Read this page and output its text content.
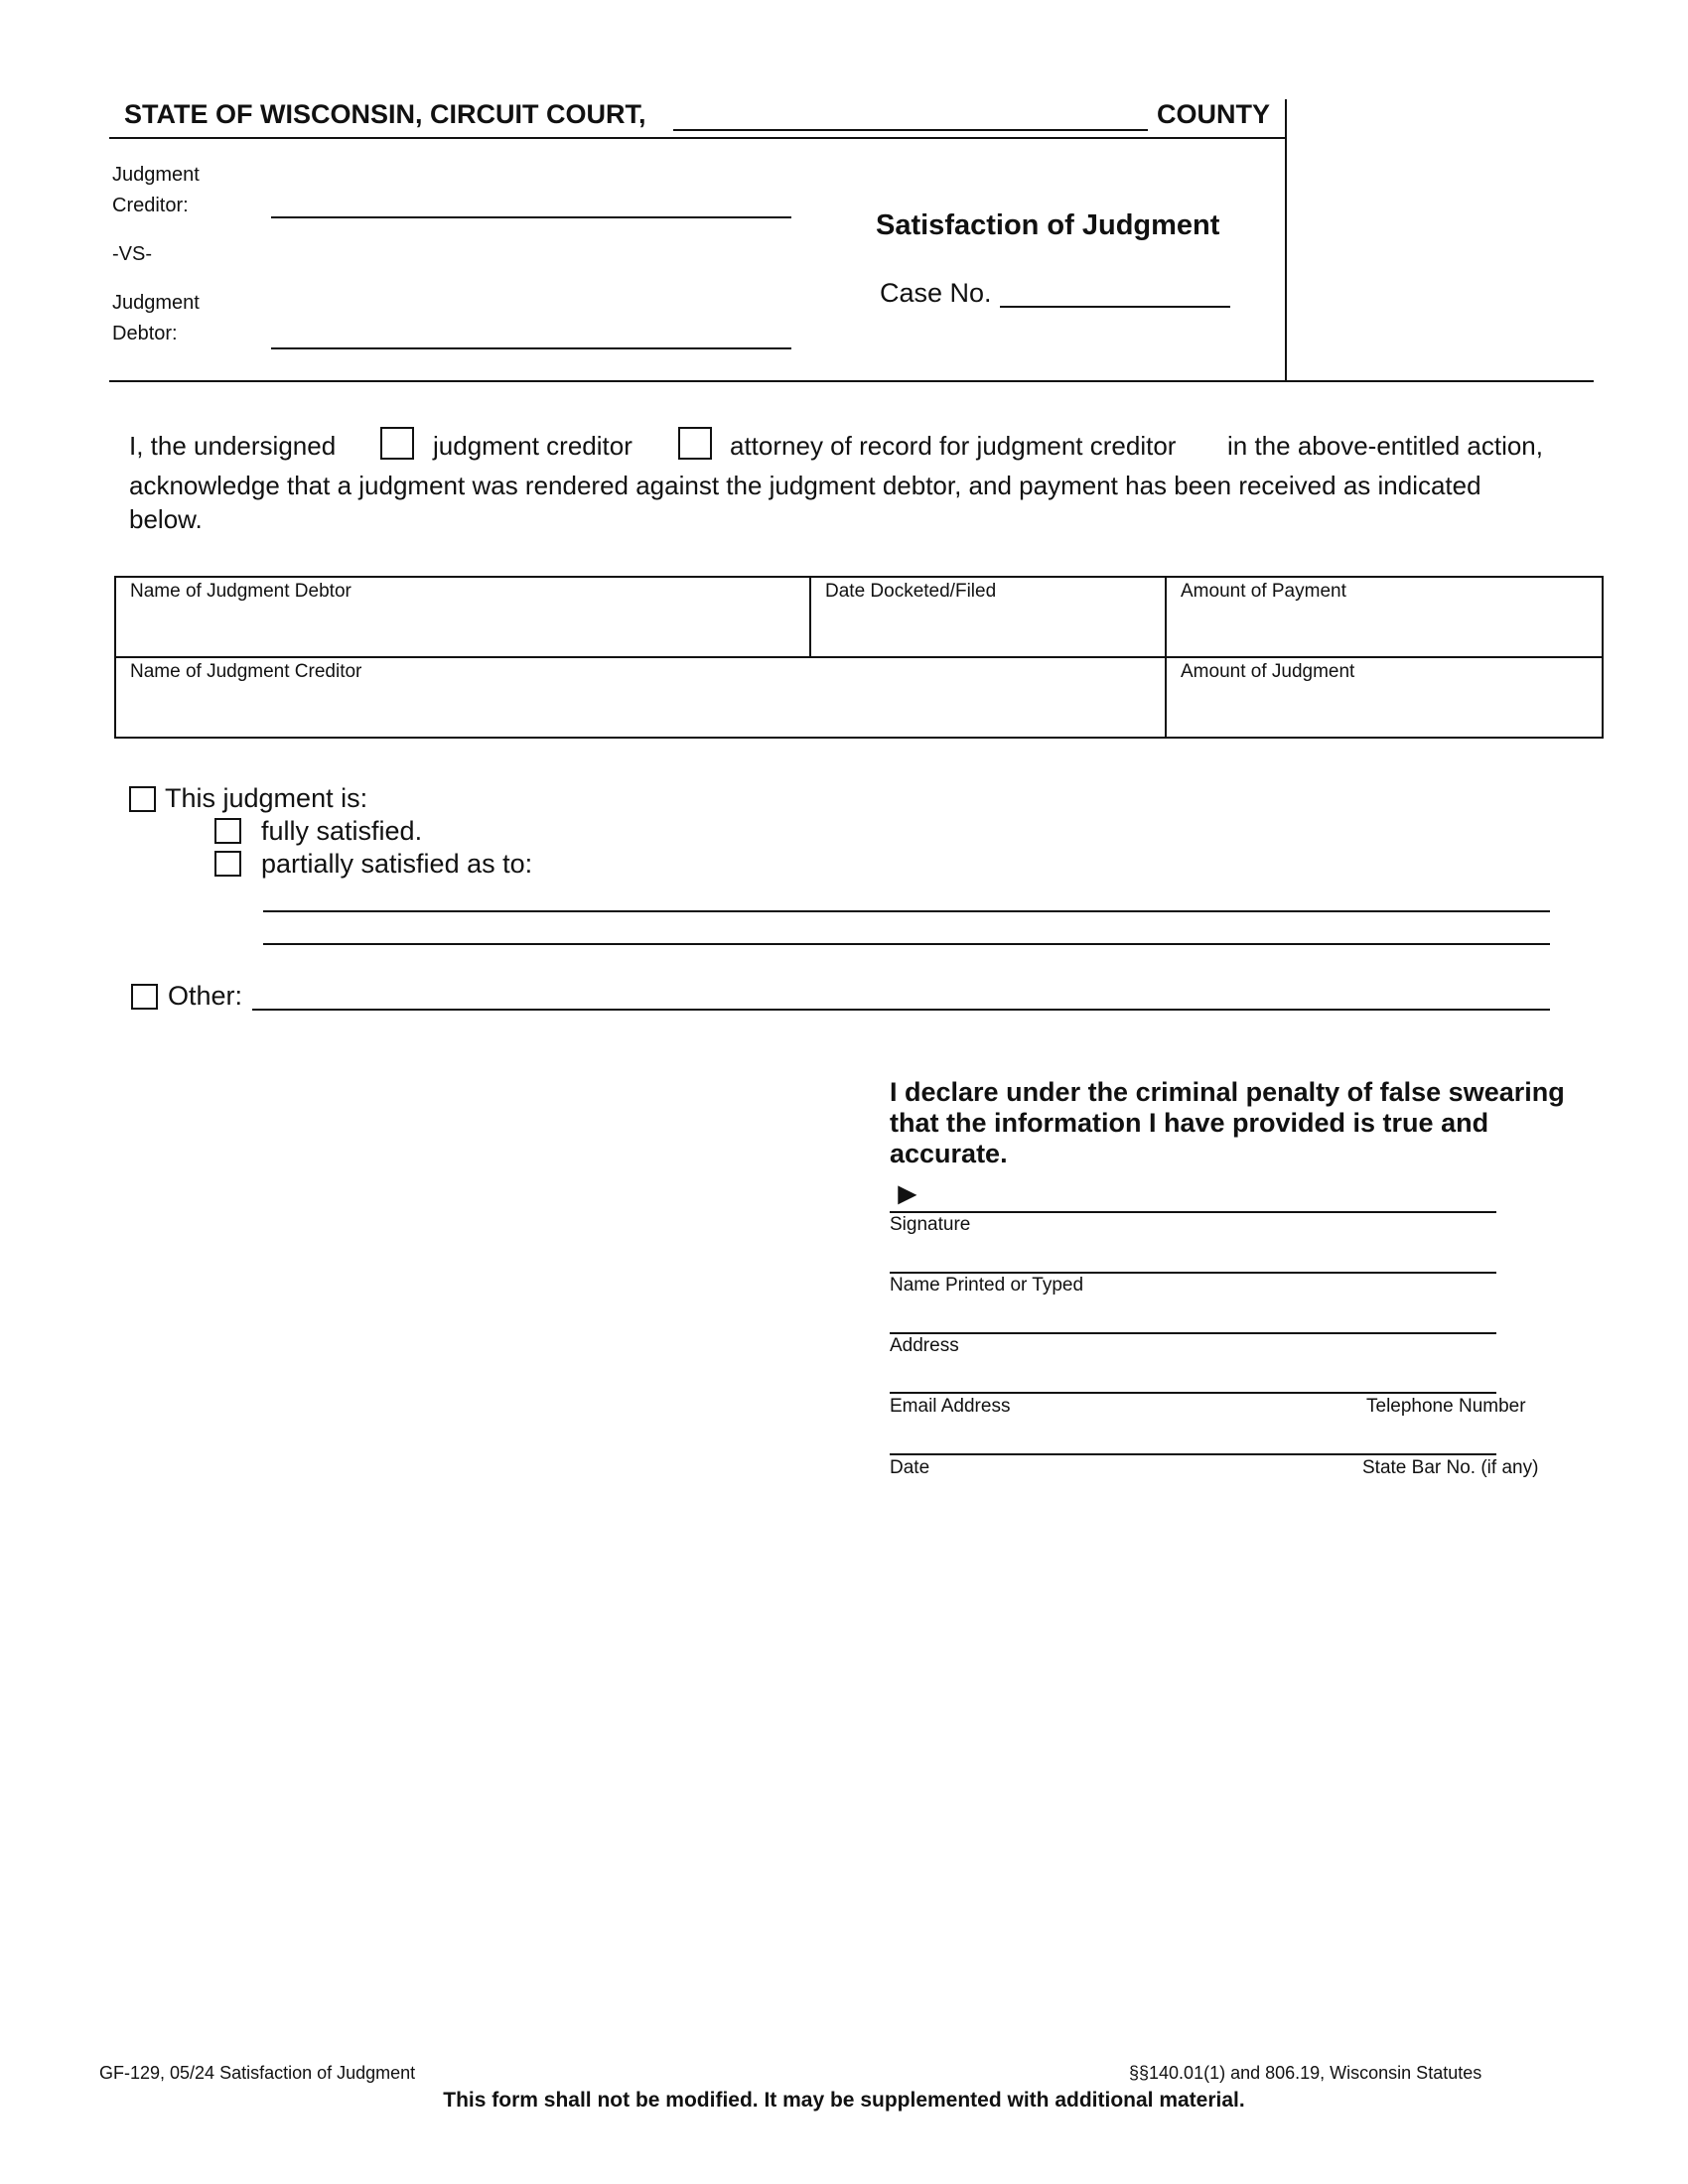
STATE OF WISCONSIN, CIRCUIT COURT,	COUNTY
Judgment
Creditor:
-VS-
Judgment
Debtor:
Satisfaction of Judgment
Case No.
I, the undersigned	judgment creditor	attorney of record for judgment creditor in the above-entitled action,
acknowledge that a judgment was rendered against the judgment debtor, and payment has been received as indicated
below.
Name of Judgment Debtor	Date Docketed/Filed	Amount of Payment

Name of Judgment Creditor		Amount of Judgment
This judgment is:
fully satisfied.
partially satisfied as to:
Other:
I declare under the criminal penalty of false swearing that the information I have provided is true and accurate.
►
Signature
Name Printed or Typed
Address
Email Address	Telephone Number
Date	State Bar No. (if any)
GF-129, 05/24 Satisfaction of Judgment	§§140.01(1) and 806.19, Wisconsin Statutes
This form shall not be modified. It may be supplemented with additional material.
